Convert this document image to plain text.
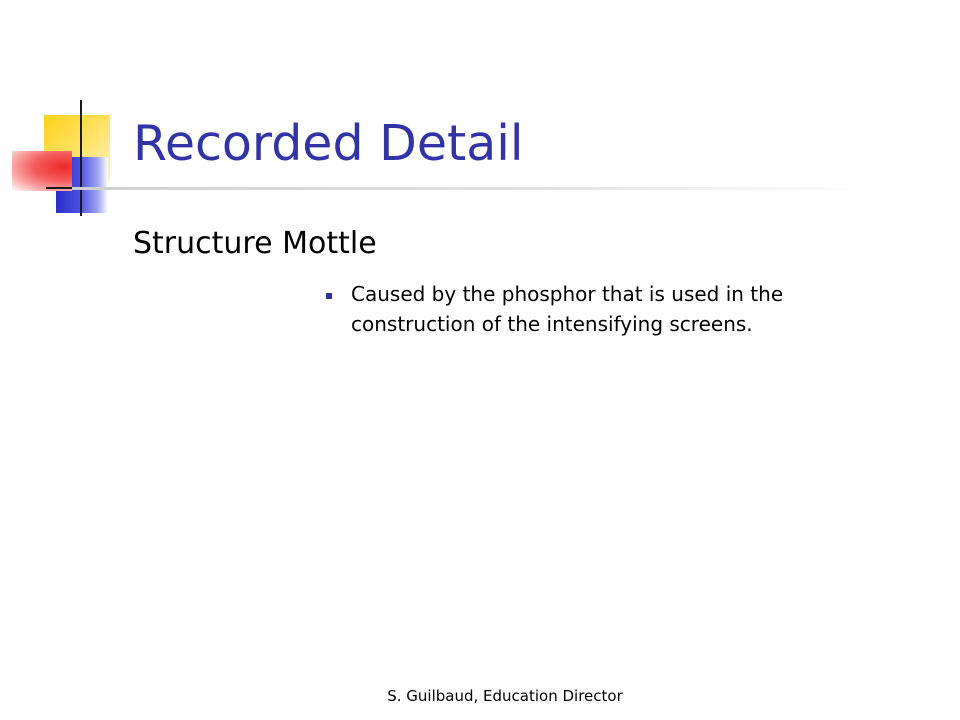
Recorded Detail
Structure Mottle
Caused by the phosphor that is used in the construction of the intensifying screens.
S. Guilbaud, Education Director
